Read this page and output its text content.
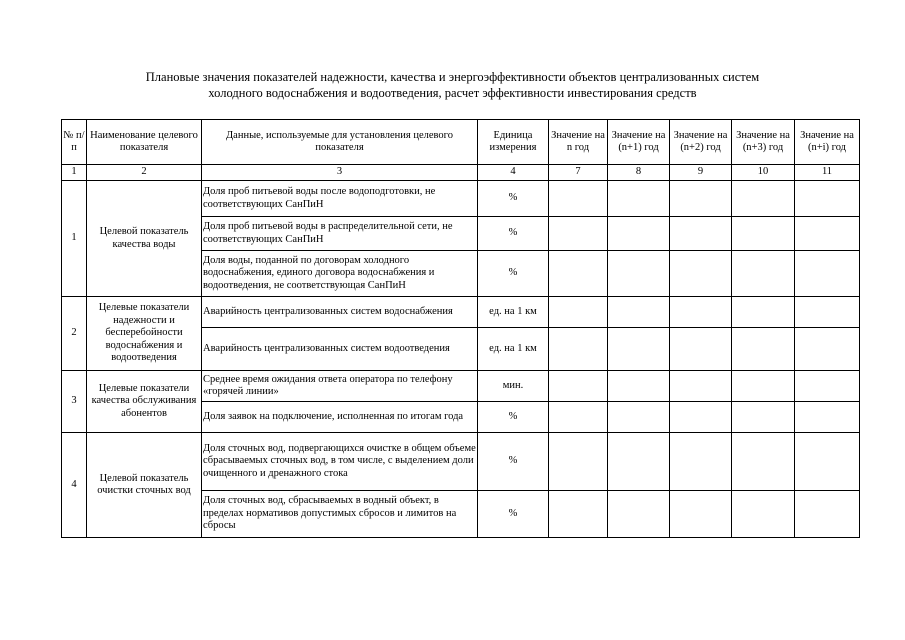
Плановые значения показателей надежности, качества и энергоэффективности объектов централизованных систем
холодного водоснабжения и водоотведения, расчет эффективности инвестирования средств
№ п/п	Наименование целевого показателя	Данные, используемые для установления целевого показателя	Единица измерения	Значение на n год	Значение на (n+1) год	Значение на (n+2) год	Значение на (n+3) год	Значение на (n+i) год
1	2	3	4	7	8	9	10	11
1	Целевой показатель качества воды	Доля проб питьевой воды после водоподготовки, не соответствующих СанПиН	%					
		Доля проб питьевой воды в распределительной сети, не соответствующих СанПиН	%					
		Доля воды, поданной по договорам холодного водоснабжения, единого договора водоснабжения и водоотведения, не соответствующая СанПиН	%					
2	Целевые показатели надежности и бесперебойности водоснабжения и водоотведения	Аварийность централизованных систем водоснабжения	ед. на 1 км					
		Аварийность централизованных систем водоотведения	ед. на 1 км					
3	Целевые показатели качества обслуживания абонентов	Среднее время ожидания ответа оператора по телефону «горячей линии»	мин.					
		Доля заявок на подключение, исполненная по итогам года	%					
4	Целевой показатель очистки сточных вод	Доля сточных вод, подвергающихся очистке в общем объеме сбрасываемых сточных вод, в том числе, с выделением доли очищенного и дренажного стока	%					
		Доля сточных вод, сбрасываемых в водный объект, в пределах нормативов допустимых сбросов и лимитов на сбросы	%					
